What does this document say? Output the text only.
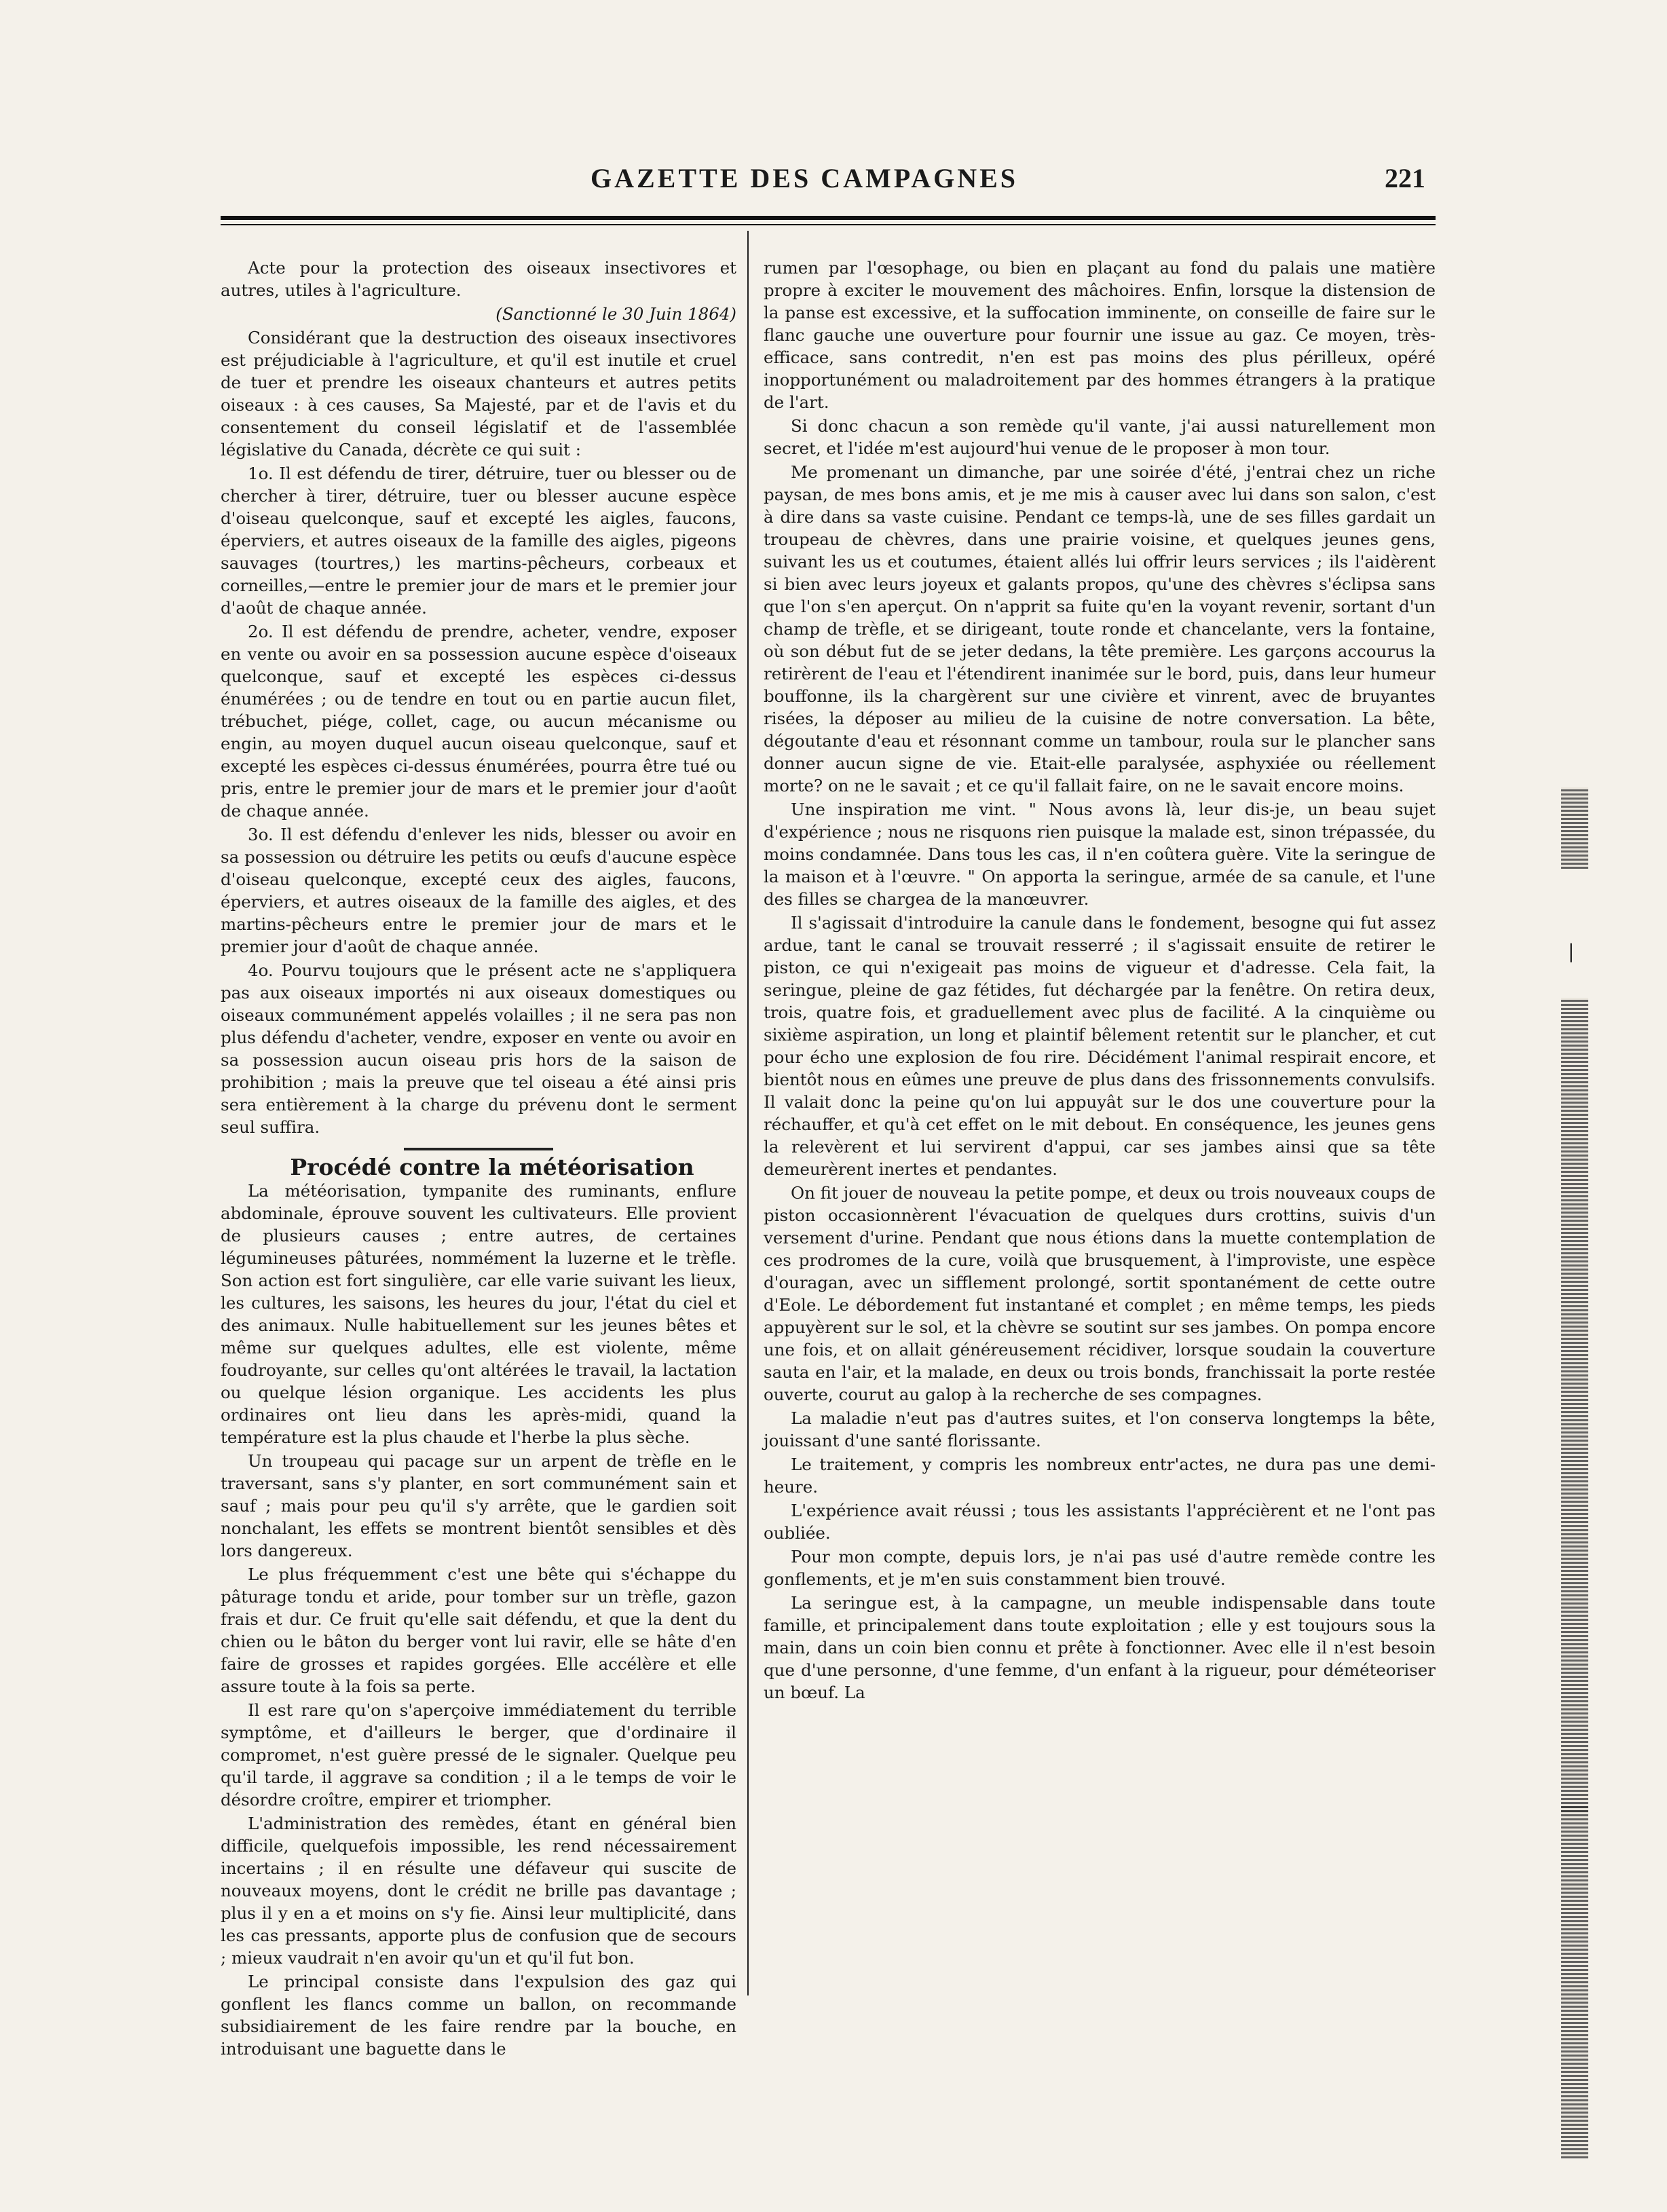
GAZETTE DES CAMPAGNES	221

Acte pour la protection des oiseaux insectivores et autres, utiles à l'agriculture.

(Sanctionné le 30 Juin 1864)

Considérant que la destruction des oiseaux insectivores est préjudiciable à l'agriculture, et qu'il est inutile et cruel de tuer et prendre les oiseaux chanteurs et autres petits oiseaux : à ces causes, Sa Majesté, par et de l'avis et du consentement du conseil législatif et de l'assemblée législative du Canada, décrète ce qui suit :

1o. Il est défendu de tirer, détruire, tuer ou blesser ou de chercher à tirer, détruire, tuer ou blesser aucune espèce d'oiseau quelconque, sauf et excepté les aigles, faucons, éperviers, et autres oiseaux de la famille des aigles, pigeons sauvages (tourtres,) les martins-pêcheurs, corbeaux et corneilles,—entre le premier jour de mars et le premier jour d'août de chaque année.

2o. Il est défendu de prendre, acheter, vendre, exposer en vente ou avoir en sa possession aucune espèce d'oiseaux quelconque, sauf et excepté les espèces ci-dessus énumérées ; ou de tendre en tout ou en partie aucun filet, trébuchet, piége, collet, cage, ou aucun mécanisme ou engin, au moyen duquel aucun oiseau quelconque, sauf et excepté les espèces ci-dessus énumérées, pourra être tué ou pris, entre le premier jour de mars et le premier jour d'août de chaque année.

3o. Il est défendu d'enlever les nids, blesser ou avoir en sa possession ou détruire les petits ou œufs d'aucune espèce d'oiseau quelconque, excepté ceux des aigles, faucons, éperviers, et autres oiseaux de la famille des aigles, et des martins-pêcheurs entre le premier jour de mars et le premier jour d'août de chaque année.

4o. Pourvu toujours que le présent acte ne s'appliquera pas aux oiseaux importés ni aux oiseaux domestiques ou oiseaux communément appelés volailles ; il ne sera pas non plus défendu d'acheter, vendre, exposer en vente ou avoir en sa possession aucun oiseau pris hors de la saison de prohibition ; mais la preuve que tel oiseau a été ainsi pris sera entièrement à la charge du prévenu dont le serment seul suffira.

Procédé contre la météorisation

La météorisation, tympanite des ruminants, enflure abdominale, éprouve souvent les cultivateurs. Elle provient de plusieurs causes ; entre autres, de certaines légumineuses pâturées, nommément la luzerne et le trèfle. Son action est fort singulière, car elle varie suivant les lieux, les cultures, les saisons, les heures du jour, l'état du ciel et des animaux. Nulle habituellement sur les jeunes bêtes et même sur quelques adultes, elle est violente, même foudroyante, sur celles qu'ont altérées le travail, la lactation ou quelque lésion organique. Les accidents les plus ordinaires ont lieu dans les après-midi, quand la température est la plus chaude et l'herbe la plus sèche.

Un troupeau qui pacage sur un arpent de trèfle en le traversant, sans s'y planter, en sort communément sain et sauf ; mais pour peu qu'il s'y arrête, que le gardien soit nonchalant, les effets se montrent bientôt sensibles et dès lors dangereux.

Le plus fréquemment c'est une bête qui s'échappe du pâturage tondu et aride, pour tomber sur un trèfle, gazon frais et dur. Ce fruit qu'elle sait défendu, et que la dent du chien ou le bâton du berger vont lui ravir, elle se hâte d'en faire de grosses et rapides gorgées. Elle accélère et elle assure toute à la fois sa perte.

Il est rare qu'on s'aperçoive immédiatement du terrible symptôme, et d'ailleurs le berger, que d'ordinaire il compromet, n'est guère pressé de le signaler. Quelque peu qu'il tarde, il aggrave sa condition ; il a le temps de voir le désordre croître, empirer et triompher.

L'administration des remèdes, étant en général bien difficile, quelquefois impossible, les rend nécessairement incertains ; il en résulte une défaveur qui suscite de nouveaux moyens, dont le crédit ne brille pas davantage ; plus il y en a et moins on s'y fie. Ainsi leur multiplicité, dans les cas pressants, apporte plus de confusion que de secours ; mieux vaudrait n'en avoir qu'un et qu'il fut bon.

Le principal consiste dans l'expulsion des gaz qui gonflent les flancs comme un ballon, on recommande subsidiairement de les faire rendre par la bouche, en introduisant une baguette dans le

rumen par l'œsophage, ou bien en plaçant au fond du palais une matière propre à exciter le mouvement des mâchoires. Enfin, lorsque la distension de la panse est excessive, et la suffocation imminente, on conseille de faire sur le flanc gauche une ouverture pour fournir une issue au gaz. Ce moyen, très-efficace, sans contredit, n'en est pas moins des plus périlleux, opéré inopportunément ou maladroitement par des hommes étrangers à la pratique de l'art.

Si donc chacun a son remède qu'il vante, j'ai aussi naturellement mon secret, et l'idée m'est aujourd'hui venue de le proposer à mon tour.

Me promenant un dimanche, par une soirée d'été, j'entrai chez un riche paysan, de mes bons amis, et je me mis à causer avec lui dans son salon, c'est à dire dans sa vaste cuisine. Pendant ce temps-là, une de ses filles gardait un troupeau de chèvres, dans une prairie voisine, et quelques jeunes gens, suivant les us et coutumes, étaient allés lui offrir leurs services ; ils l'aidèrent si bien avec leurs joyeux et galants propos, qu'une des chèvres s'éclipsa sans que l'on s'en aperçut. On n'apprit sa fuite qu'en la voyant revenir, sortant d'un champ de trèfle, et se dirigeant, toute ronde et chancelante, vers la fontaine, où son début fut de se jeter dedans, la tête première. Les garçons accourus la retirèrent de l'eau et l'étendirent inanimée sur le bord, puis, dans leur humeur bouffonne, ils la chargèrent sur une civière et vinrent, avec de bruyantes risées, la déposer au milieu de la cuisine de notre conversation. La bête, dégoutante d'eau et résonnant comme un tambour, roula sur le plancher sans donner aucun signe de vie. Etait-elle paralysée, asphyxiée ou réellement morte? on ne le savait ; et ce qu'il fallait faire, on ne le savait encore moins.

Une inspiration me vint. " Nous avons là, leur dis-je, un beau sujet d'expérience ; nous ne risquons rien puisque la malade est, sinon trépassée, du moins condamnée. Dans tous les cas, il n'en coûtera guère. Vite la seringue de la maison et à l'œuvre. " On apporta la seringue, armée de sa canule, et l'une des filles se chargea de la manœuvrer.

Il s'agissait d'introduire la canule dans le fondement, besogne qui fut assez ardue, tant le canal se trouvait resserré ; il s'agissait ensuite de retirer le piston, ce qui n'exigeait pas moins de vigueur et d'adresse. Cela fait, la seringue, pleine de gaz fétides, fut déchargée par la fenêtre. On retira deux, trois, quatre fois, et graduellement avec plus de facilité. A la cinquième ou sixième aspiration, un long et plaintif bêlement retentit sur le plancher, et cut pour écho une explosion de fou rire. Décidément l'animal respirait encore, et bientôt nous en eûmes une preuve de plus dans des frissonnements convulsifs. Il valait donc la peine qu'on lui appuyât sur le dos une couverture pour la réchauffer, et qu'à cet effet on le mit debout. En conséquence, les jeunes gens la relevèrent et lui servirent d'appui, car ses jambes ainsi que sa tête demeurèrent inertes et pendantes.

On fit jouer de nouveau la petite pompe, et deux ou trois nouveaux coups de piston occasionnèrent l'évacuation de quelques durs crottins, suivis d'un versement d'urine. Pendant que nous étions dans la muette contemplation de ces prodromes de la cure, voilà que brusquement, à l'improviste, une espèce d'ouragan, avec un sifflement prolongé, sortit spontanément de cette outre d'Eole. Le débordement fut instantané et complet ; en même temps, les pieds appuyèrent sur le sol, et la chèvre se soutint sur ses jambes. On pompa encore une fois, et on allait généreusement récidiver, lorsque soudain la couverture sauta en l'air, et la malade, en deux ou trois bonds, franchissait la porte restée ouverte, courut au galop à la recherche de ses compagnes.

La maladie n'eut pas d'autres suites, et l'on conserva longtemps la bête, jouissant d'une santé florissante.

Le traitement, y compris les nombreux entr'actes, ne dura pas une demi-heure.

L'expérience avait réussi ; tous les assistants l'apprécièrent et ne l'ont pas oubliée.

Pour mon compte, depuis lors, je n'ai pas usé d'autre remède contre les gonflements, et je m'en suis constamment bien trouvé.

La seringue est, à la campagne, un meuble indispensable dans toute famille, et principalement dans toute exploitation ; elle y est toujours sous la main, dans un coin bien connu et prête à fonctionner. Avec elle il n'est besoin que d'une personne, d'une femme, d'un enfant à la rigueur, pour déméteoriser un bœuf. La

❘
